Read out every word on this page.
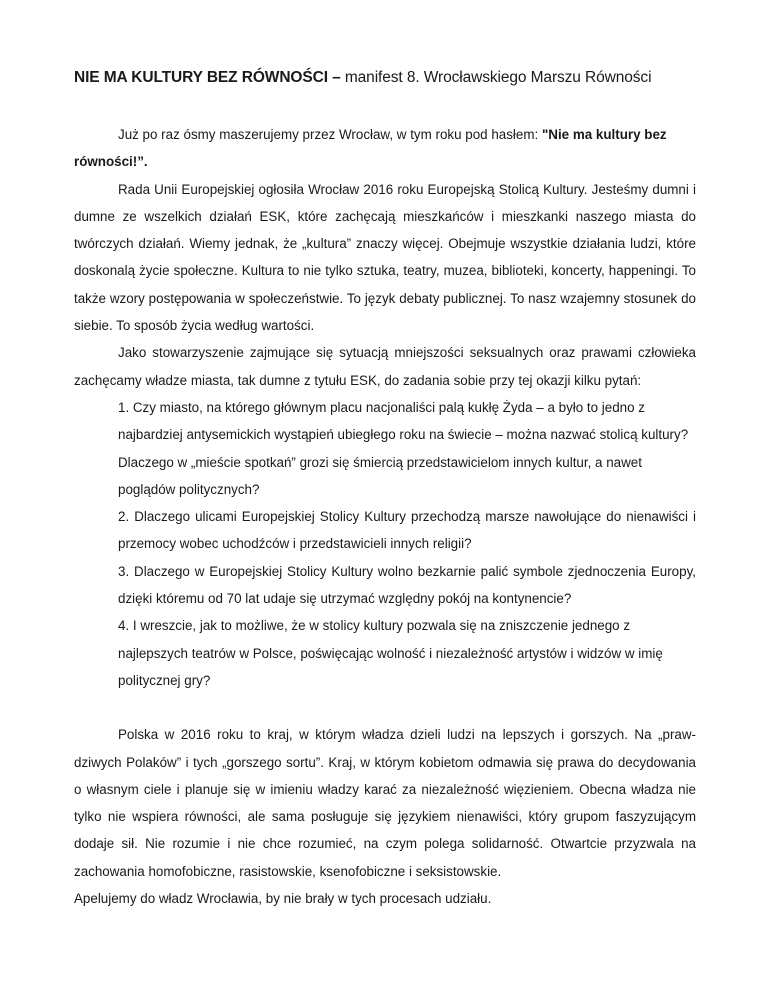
NIE MA KULTURY BEZ RÓWNOŚCI – manifest 8. Wrocławskiego Marszu Równości

Już po raz ósmy maszerujemy przez Wrocław, w tym roku pod hasłem: "Nie ma kultury bez równości!”.

Rada Unii Europejskiej ogłosiła Wrocław 2016 roku Europejską Stolicą Kultury. Jesteśmy dumni i dumne ze wszelkich działań ESK, które zachęcają mieszkańców i mieszkanki naszego miasta do twórczych działań. Wiemy jednak, że „kultura” znaczy więcej. Obejmuje wszystkie działania ludzi, które doskonalą życie społeczne. Kultura to nie tylko sztuka, teatry, muzea, biblioteki, koncerty, happeningi. To także wzory postępowania w społeczeństwie. To język debaty publicznej. To nasz wzajemny stosunek do siebie. To sposób życia według wartości.

Jako stowarzyszenie zajmujące się sytuacją mniejszości seksualnych oraz prawami człowieka zachęcamy władze miasta, tak dumne z tytułu ESK, do zadania sobie przy tej okazji kilku pytań:

1. Czy miasto, na którego głównym placu nacjonaliści palą kukłę Żyda – a było to jedno z najbardziej antysemickich wystąpień ubiegłego roku na świecie – można nazwać stolicą kultury? Dlaczego w „mieście spotkań” grozi się śmiercią przedstawicielom innych kultur, a nawet poglądów politycznych?

2. Dlaczego ulicami Europejskiej Stolicy Kultury przechodzą marsze nawołujące do nienawiści i przemocy wobec uchodźców i przedstawicieli innych religii?

3. Dlaczego w Europejskiej Stolicy Kultury wolno bezkarnie palić symbole zjednoczenia Europy, dzięki któremu od 70 lat udaje się utrzymać względny pokój na kontynencie?

4. I wreszcie, jak to możliwe, że w stolicy kultury pozwala się na zniszczenie jednego z najlepszych teatrów w Polsce, poświęcając wolność i niezależność artystów i widzów w imię politycznej gry?

Polska w 2016 roku to kraj, w którym władza dzieli ludzi na lepszych i gorszych. Na „praw-dziwych Polaków” i tych „gorszego sortu”. Kraj, w którym kobietom odmawia się prawa do decydowania o własnym ciele i planuje się w imieniu władzy karać za niezależność więzieniem. Obecna władza nie tylko nie wspiera równości, ale sama posługuje się językiem nienawiści, który grupom faszyzującym dodaje sił. Nie rozumie i nie chce rozumieć, na czym polega solidarność. Otwartcie przyzwala na zachowania homofobiczne, rasistowskie, ksenofobiczne i seksistowskie.

Apelujemy do władz Wrocławia, by nie brały w tych procesach udziału.
